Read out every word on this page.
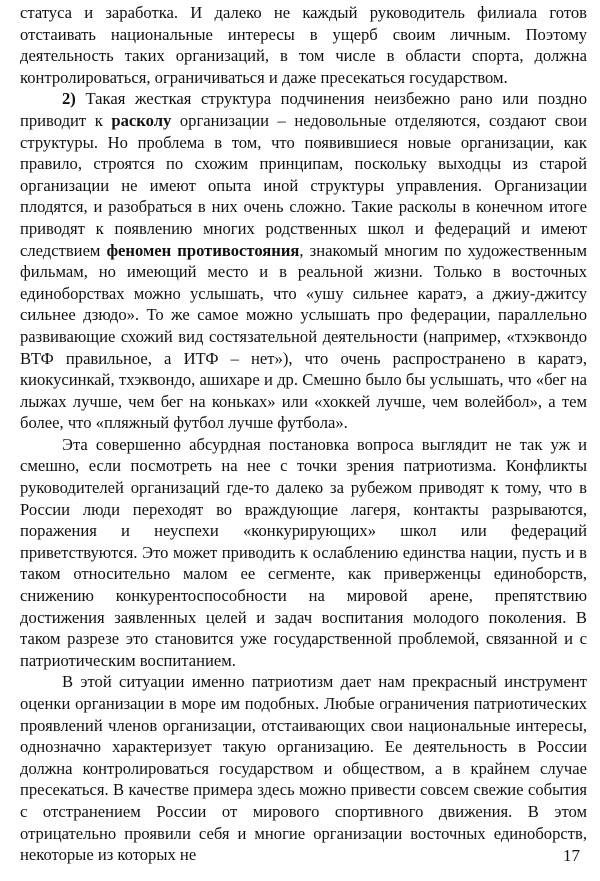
статуса и заработка. И далеко не каждый руководитель филиала готов отстаивать национальные интересы в ущерб своим личным. Поэтому деятельность таких организаций, в том числе в области спорта, должна контролироваться, ограничиваться и даже пресекаться государством.

2) Такая жесткая структура подчинения неизбежно рано или поздно приводит к расколу организации – недовольные отделяются, создают свои структуры. Но проблема в том, что появившиеся новые организации, как правило, строятся по схожим принципам, поскольку выходцы из старой организации не имеют опыта иной структуры управления. Организации плодятся, и разобраться в них очень сложно. Такие расколы в конечном итоге приводят к появлению многих родственных школ и федераций и имеют следствием феномен противостояния, знакомый многим по художественным фильмам, но имеющий место и в реальной жизни. Только в восточных единоборствах можно услышать, что «ушу сильнее каратэ, а джиу-джитсу сильнее дзюдо». То же самое можно услышать про федерации, параллельно развивающие схожий вид состязательной деятельности (например, «тхэквондо ВТФ правильное, а ИТФ – нет»), что очень распространено в каратэ, киокусинкай, тхэквондо, ашихаре и др. Смешно было бы услышать, что «бег на лыжах лучше, чем бег на коньках» или «хоккей лучше, чем волейбол», а тем более, что «пляжный футбол лучше футбола».

Эта совершенно абсурдная постановка вопроса выглядит не так уж и смешно, если посмотреть на нее с точки зрения патриотизма. Конфликты руководителей организаций где-то далеко за рубежом приводят к тому, что в России люди переходят во враждующие лагеря, контакты разрываются, поражения и неуспехи «конкурирующих» школ или федераций приветствуются. Это может приводить к ослаблению единства нации, пусть и в таком относительно малом ее сегменте, как приверженцы единоборств, снижению конкурентоспособности на мировой арене, препятствию достижения заявленных целей и задач воспитания молодого поколения. В таком разрезе это становится уже государственной проблемой, связанной и с патриотическим воспитанием.

В этой ситуации именно патриотизм дает нам прекрасный инструмент оценки организации в море им подобных. Любые ограничения патриотических проявлений членов организации, отстаивающих свои национальные интересы, однозначно характеризует такую организацию. Ее деятельность в России должна контролироваться государством и обществом, а в крайнем случае пресекаться. В качестве примера здесь можно привести совсем свежие события с отстранением России от мирового спортивного движения. В этом отрицательно проявили себя и многие организации восточных единоборств, некоторые из которых не	17
